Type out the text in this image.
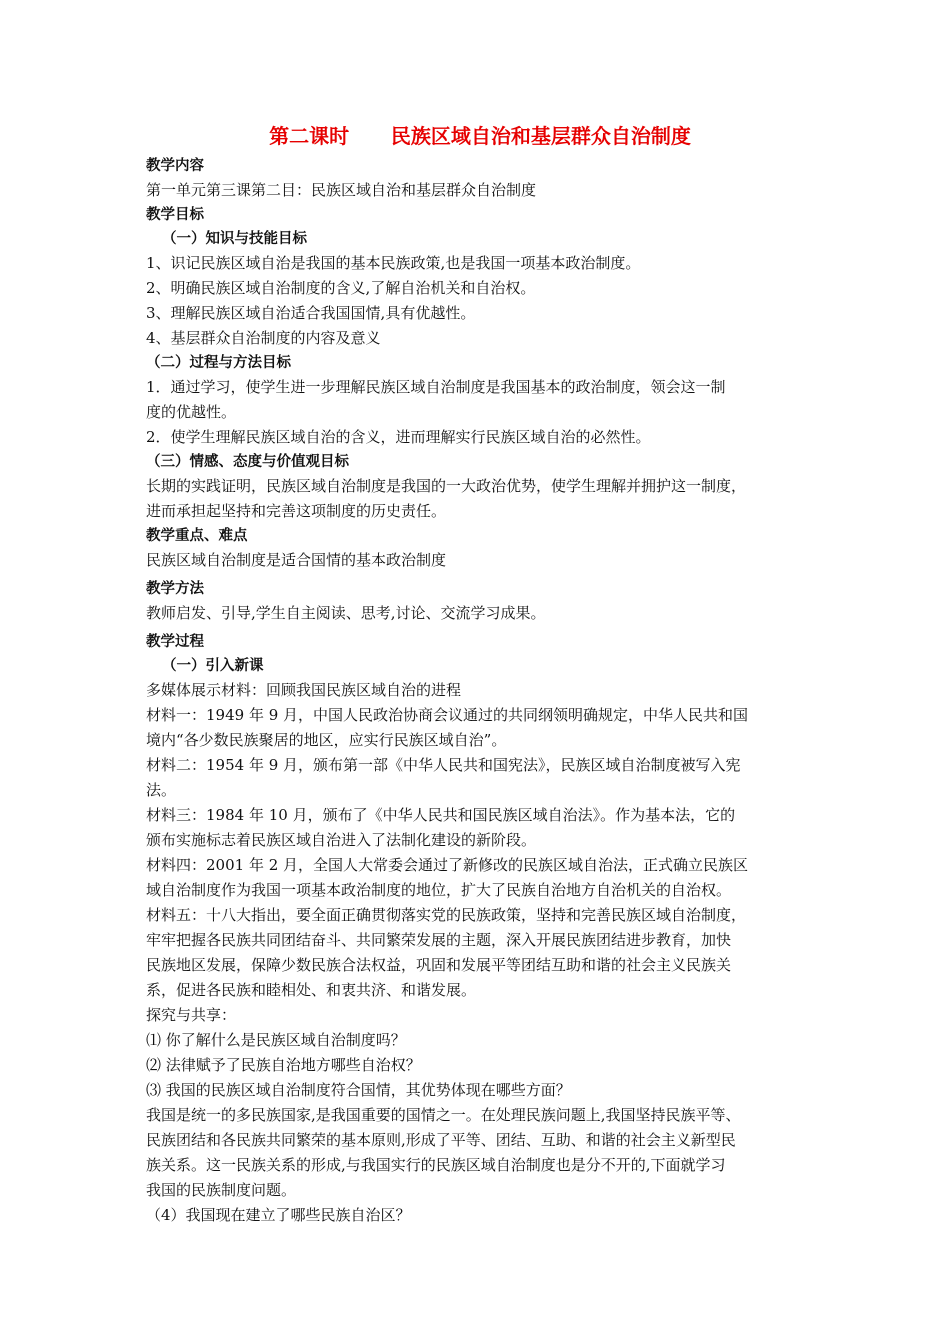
第二课时      民族区域自治和基层群众自治制度
教学内容
第一单元第三课第二目：民族区域自治和基层群众自治制度
教学目标
（一）知识与技能目标
1、识记民族区域自治是我国的基本民族政策,也是我国一项基本政治制度。
2、明确民族区域自治制度的含义,了解自治机关和自治权。
3、理解民族区域自治适合我国国情,具有优越性。
4、基层群众自治制度的内容及意义
（二）过程与方法目标
1．通过学习，使学生进一步理解民族区域自治制度是我国基本的政治制度，领会这一制
度的优越性。
2．使学生理解民族区域自治的含义，进而理解实行民族区域自治的必然性。
（三）情感、态度与价值观目标
长期的实践证明，民族区域自治制度是我国的一大政治优势，使学生理解并拥护这一制度，
进而承担起坚持和完善这项制度的历史责任。
教学重点、难点
民族区域自治制度是适合国情的基本政治制度
教学方法
教师启发、引导,学生自主阅读、思考,讨论、交流学习成果。
教学过程
（一）引入新课
多媒体展示材料：回顾我国民族区域自治的进程
材料一：1949 年 9 月，中国人民政治协商会议通过的共同纲领明确规定，中华人民共和国
境内“各少数民族聚居的地区，应实行民族区域自治”。
材料二：1954 年 9 月，颁布第一部《中华人民共和国宪法》，民族区域自治制度被写入宪
法。
材料三：1984 年 10 月，颁布了《中华人民共和国民族区域自治法》。作为基本法，它的
颁布实施标志着民族区域自治进入了法制化建设的新阶段。
材料四：2001 年 2 月，全国人大常委会通过了新修改的民族区域自治法，正式确立民族区
域自治制度作为我国一项基本政治制度的地位，扩大了民族自治地方自治机关的自治权。
材料五：十八大指出，要全面正确贯彻落实党的民族政策，坚持和完善民族区域自治制度，
牢牢把握各民族共同团结奋斗、共同繁荣发展的主题，深入开展民族团结进步教育，加快
民族地区发展，保障少数民族合法权益，巩固和发展平等团结互助和谐的社会主义民族关
系，促进各民族和睦相处、和衷共济、和谐发展。
探究与共享：
⑴ 你了解什么是民族区域自治制度吗？
⑵ 法律赋予了民族自治地方哪些自治权？
⑶ 我国的民族区域自治制度符合国情，其优势体现在哪些方面？
我国是统一的多民族国家,是我国重要的国情之一。在处理民族问题上,我国坚持民族平等、
民族团结和各民族共同繁荣的基本原则,形成了平等、团结、互助、和谐的社会主义新型民
族关系。这一民族关系的形成,与我国实行的民族区域自治制度也是分不开的,下面就学习
我国的民族制度问题。
（4）我国现在建立了哪些民族自治区？
